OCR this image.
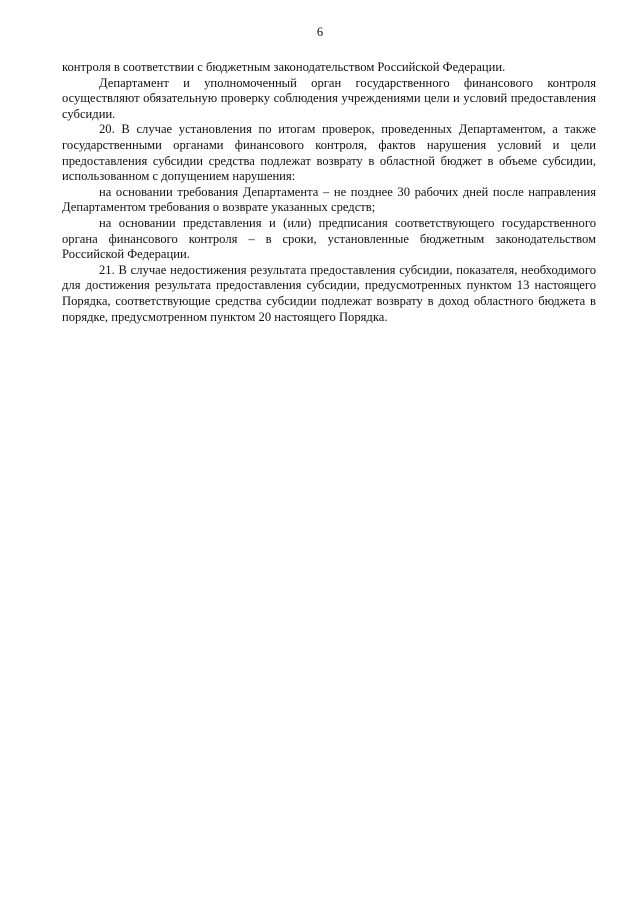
6

контроля в соответствии с бюджетным законодательством Российской Федерации.

Департамент и уполномоченный орган государственного финансового контроля осуществляют обязательную проверку соблюдения учреждениями цели и условий предоставления субсидии.

20. В случае установления по итогам проверок, проведенных Департаментом, а также государственными органами финансового контроля, фактов нарушения условий и цели предоставления субсидии средства подлежат возврату в областной бюджет в объеме субсидии, использованном с допущением нарушения:

на основании требования Департамента – не позднее 30 рабочих дней после направления Департаментом требования о возврате указанных средств;

на основании представления и (или) предписания соответствующего государственного органа финансового контроля – в сроки, установленные бюджетным законодательством Российской Федерации.

21. В случае недостижения результата предоставления субсидии, показателя, необходимого для достижения результата предоставления субсидии, предусмотренных пунктом 13 настоящего Порядка, соответствующие средства субсидии подлежат возврату в доход областного бюджета в порядке, предусмотренном пунктом 20 настоящего Порядка.
